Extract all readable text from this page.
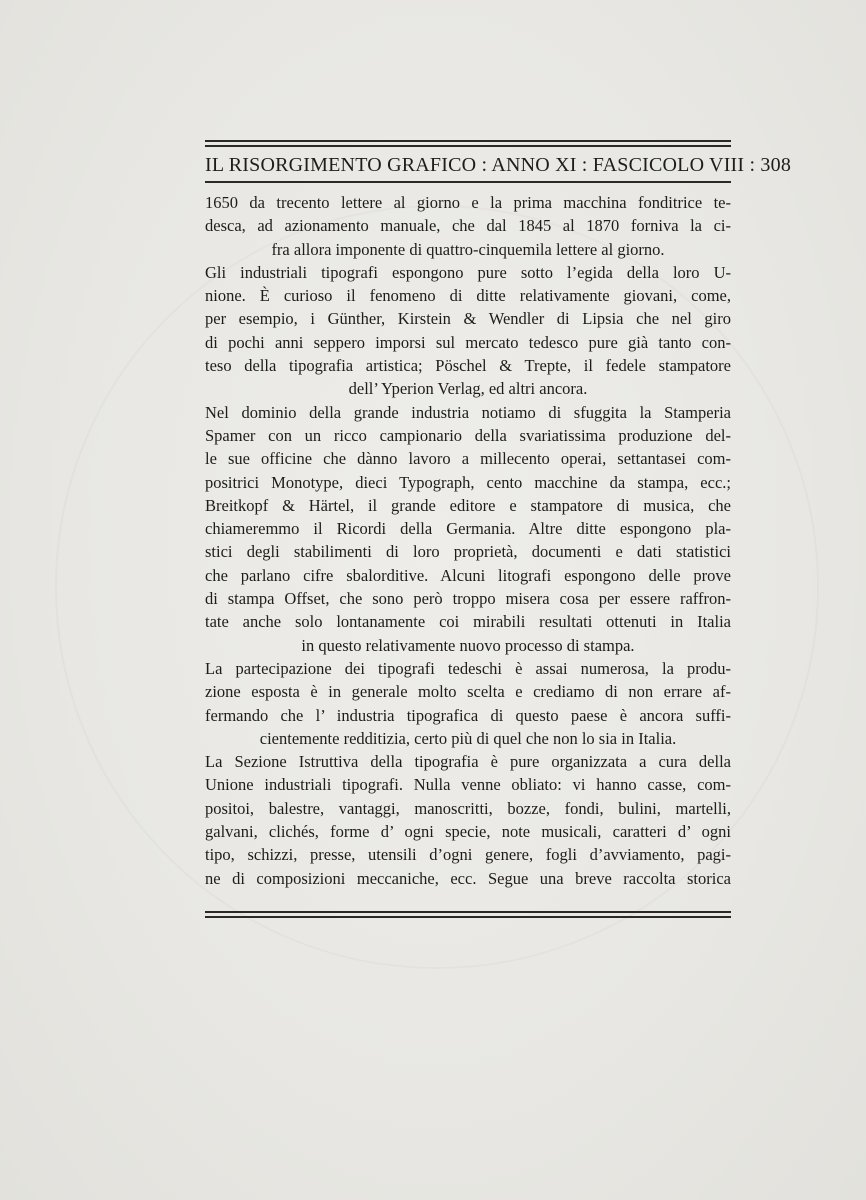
IL RISORGIMENTO GRAFICO : ANNO XI : FASCICOLO VIII : 308
1650 da trecento lettere al giorno e la prima macchina fonditrice te-
desca, ad azionamento manuale, che dal 1845 al 1870 forniva la ci-
fra allora imponente di quattro-cinquemila lettere al giorno.
Gli industriali tipografi espongono pure sotto l’egida della loro U-
nione. È curioso il fenomeno di ditte relativamente giovani, come,
per esempio, i Günther, Kirstein & Wendler di Lipsia che nel giro
di pochi anni seppero imporsi sul mercato tedesco pure già tanto con-
teso della tipografia artistica; Pöschel & Trepte, il fedele stampatore
dell’ Yperion Verlag, ed altri ancora.
Nel dominio della grande industria notiamo di sfuggita la Stamperia
Spamer con un ricco campionario della svariatissima produzione del-
le sue officine che dànno lavoro a millecento operai, settantasei com-
positrici Monotype, dieci Typograph, cento macchine da stampa, ecc.;
Breitkopf & Härtel, il grande editore e stampatore di musica, che
chiameremmo il Ricordi della Germania. Altre ditte espongono pla-
stici degli stabilimenti di loro proprietà, documenti e dati statistici
che parlano cifre sbalorditive. Alcuni litografi espongono delle prove
di stampa Offset, che sono però troppo misera cosa per essere raffron-
tate anche solo lontanamente coi mirabili resultati ottenuti in Italia
in questo relativamente nuovo processo di stampa.
La partecipazione dei tipografi tedeschi è assai numerosa, la produ-
zione esposta è in generale molto scelta e crediamo di non errare af-
fermando che l’ industria tipografica di questo paese è ancora suffi-
cientemente redditizia, certo più di quel che non lo sia in Italia.
La Sezione Istruttiva della tipografia è pure organizzata a cura della
Unione industriali tipografi. Nulla venne obliato: vi hanno casse, com-
positoi, balestre, vantaggi, manoscritti, bozze, fondi, bulini, martelli,
galvani, clichés, forme d’ ogni specie, note musicali, caratteri d’ ogni
tipo, schizzi, presse, utensili d’ogni genere, fogli d’avviamento, pagi-
ne di composizioni meccaniche, ecc. Segue una breve raccolta storica
